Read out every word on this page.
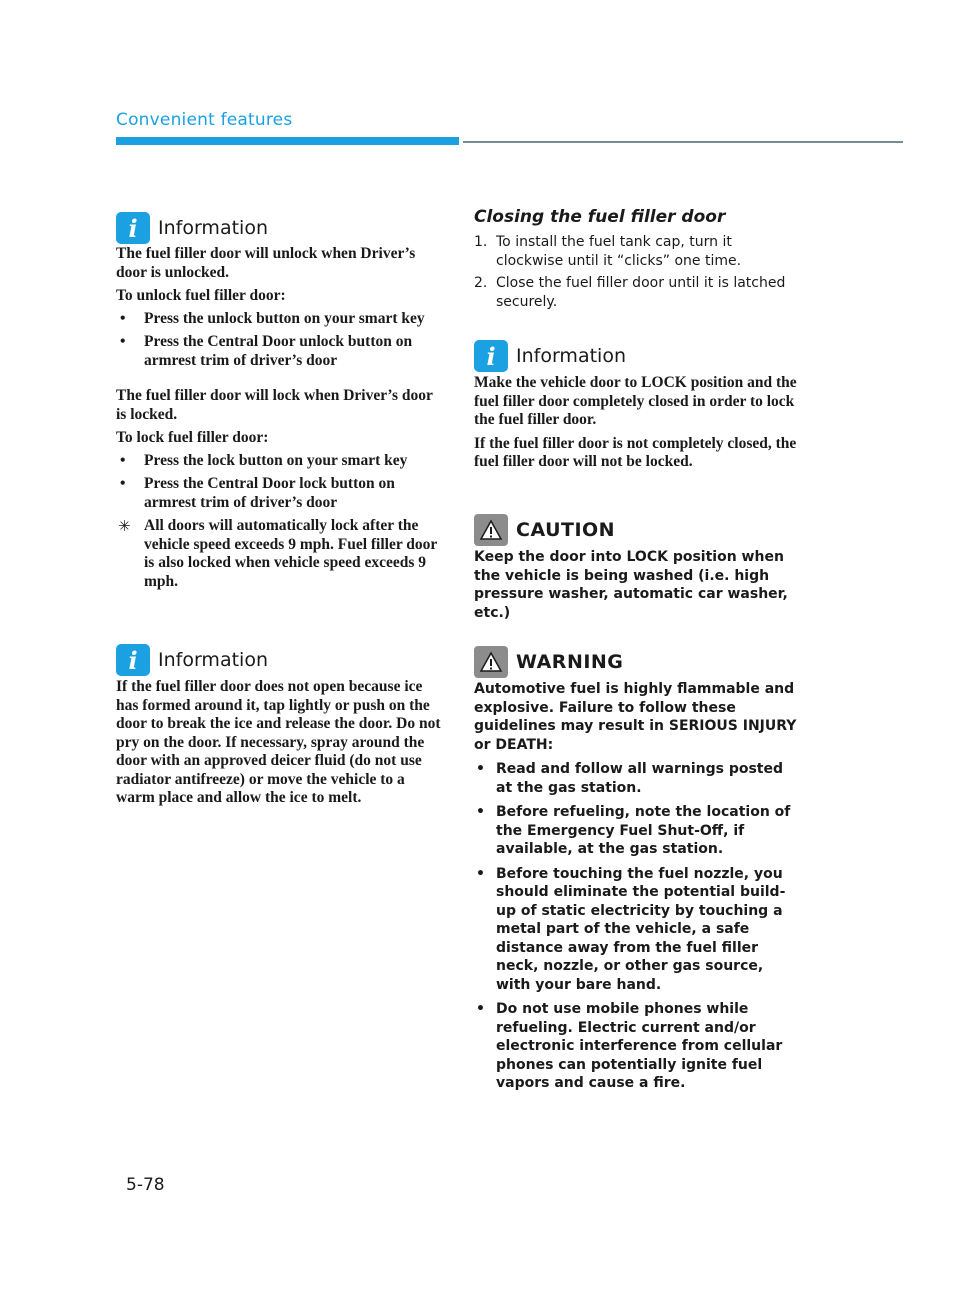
Convenient features
i	Information

The fuel filler door will unlock when Driver’s door is unlocked.

To unlock fuel filler door:

• Press the unlock button on your smart key
• Press the Central Door unlock button on armrest trim of driver’s door

The fuel filler door will lock when Driver’s door is locked.

To lock fuel filler door:

• Press the lock button on your smart key
• Press the Central Door lock button on armrest trim of driver’s door
✳ All doors will automatically lock after the vehicle speed exceeds 9 mph. Fuel filler door is also locked when vehicle speed exceeds 9 mph.
i	Information

If the fuel filler door does not open because ice has formed around it, tap lightly or push on the door to break the ice and release the door. Do not pry on the door. If necessary, spray around the door with an approved deicer fluid (do not use radiator antifreeze) or move the vehicle to a warm place and allow the ice to melt.

Closing the fuel filler door
1. To install the fuel tank cap, turn it clockwise until it “clicks” one time.
2. Close the fuel filler door until it is latched securely.
i	Information

Make the vehicle door to LOCK position and the fuel filler door completely closed in order to lock the fuel filler door.

If the fuel filler door is not completely closed, the fuel filler door will not be locked.

CAUTION

Keep the door into LOCK position when the vehicle is being washed (i.e. high pressure washer, automatic car washer, etc.)

WARNING

Automotive fuel is highly flammable and explosive. Failure to follow these guidelines may result in SERIOUS INJURY or DEATH:

• Read and follow all warnings posted at the gas station.
• Before refueling, note the location of the Emergency Fuel Shut-Off, if available, at the gas station.
• Before touching the fuel nozzle, you should eliminate the potential build-up of static electricity by touching a metal part of the vehicle, a safe distance away from the fuel filler neck, nozzle, or other gas source, with your bare hand.
• Do not use mobile phones while refueling. Electric current and/or electronic interference from cellular phones can potentially ignite fuel vapors and cause a fire.
5-78
